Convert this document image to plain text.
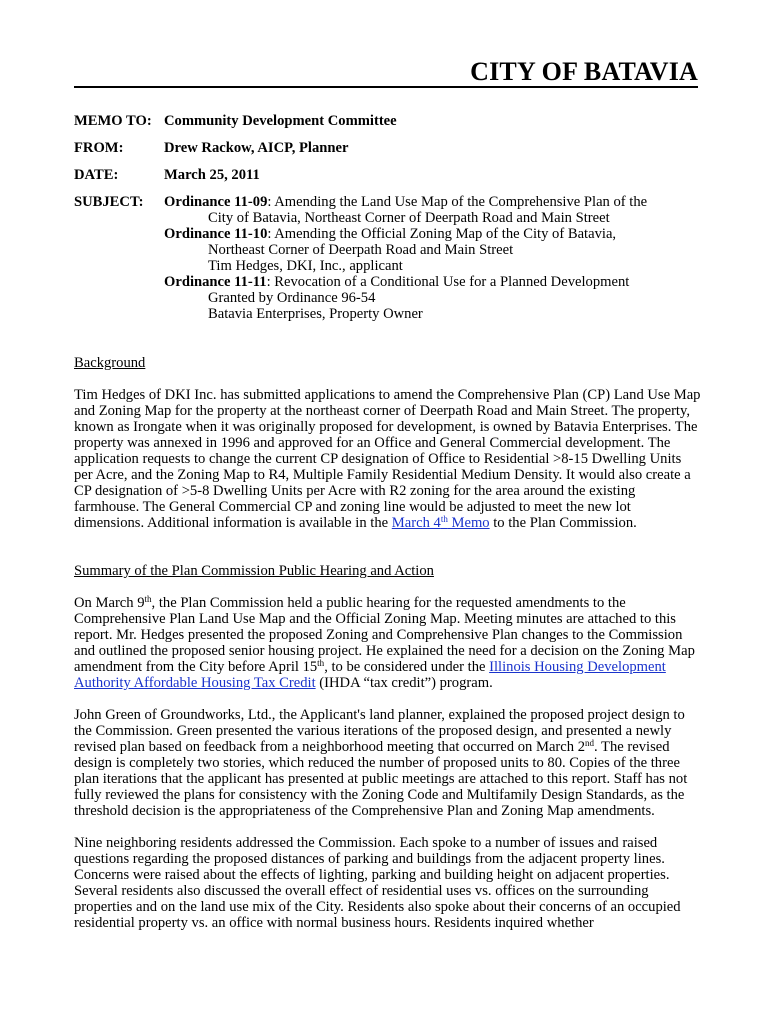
CITY OF BATAVIA
MEMO TO: Community Development Committee
FROM:	Drew Rackow, AICP, Planner
DATE:	March 25, 2011
SUBJECT:	Ordinance 11-09: Amending the Land Use Map of the Comprehensive Plan of the
City of Batavia, Northeast Corner of Deerpath Road and Main Street
Ordinance 11-10: Amending the Official Zoning Map of the City of Batavia,
Northeast Corner of Deerpath Road and Main Street
Tim Hedges, DKI, Inc., applicant
Ordinance 11-11: Revocation of a Conditional Use for a Planned Development
Granted by Ordinance 96-54
Batavia Enterprises, Property Owner
Background

Tim Hedges of DKI Inc. has submitted applications to amend the Comprehensive Plan (CP) Land Use Map and Zoning Map for the property at the northeast corner of Deerpath Road and Main Street. The property, known as Irongate when it was originally proposed for development, is owned by Batavia Enterprises. The property was annexed in 1996 and approved for an Office and General Commercial development. The application requests to change the current CP designation of Office to Residential >8-15 Dwelling Units per Acre, and the Zoning Map to R4, Multiple Family Residential Medium Density. It would also create a CP designation of >5-8 Dwelling Units per Acre with R2 zoning for the area around the existing farmhouse. The General Commercial CP and zoning line would be adjusted to meet the new lot dimensions. Additional information is available in the March 4th Memo to the Plan Commission.

Summary of the Plan Commission Public Hearing and Action

On March 9th, the Plan Commission held a public hearing for the requested amendments to the Comprehensive Plan Land Use Map and the Official Zoning Map. Meeting minutes are attached to this report. Mr. Hedges presented the proposed Zoning and Comprehensive Plan changes to the Commission and outlined the proposed senior housing project. He explained the need for a decision on the Zoning Map amendment from the City before April 15th, to be considered under the Illinois Housing Development Authority Affordable Housing Tax Credit (IHDA “tax credit”) program.

John Green of Groundworks, Ltd., the Applicant's land planner, explained the proposed project design to the Commission. Green presented the various iterations of the proposed design, and presented a newly revised plan based on feedback from a neighborhood meeting that occurred on March 2nd. The revised design is completely two stories, which reduced the number of proposed units to 80. Copies of the three plan iterations that the applicant has presented at public meetings are attached to this report. Staff has not fully reviewed the plans for consistency with the Zoning Code and Multifamily Design Standards, as the threshold decision is the appropriateness of the Comprehensive Plan and Zoning Map amendments.

Nine neighboring residents addressed the Commission. Each spoke to a number of issues and raised questions regarding the proposed distances of parking and buildings from the adjacent property lines. Concerns were raised about the effects of lighting, parking and building height on adjacent properties. Several residents also discussed the overall effect of residential uses vs. offices on the surrounding properties and on the land use mix of the City. Residents also spoke about their concerns of an occupied residential property vs. an office with normal business hours. Residents inquired whether
